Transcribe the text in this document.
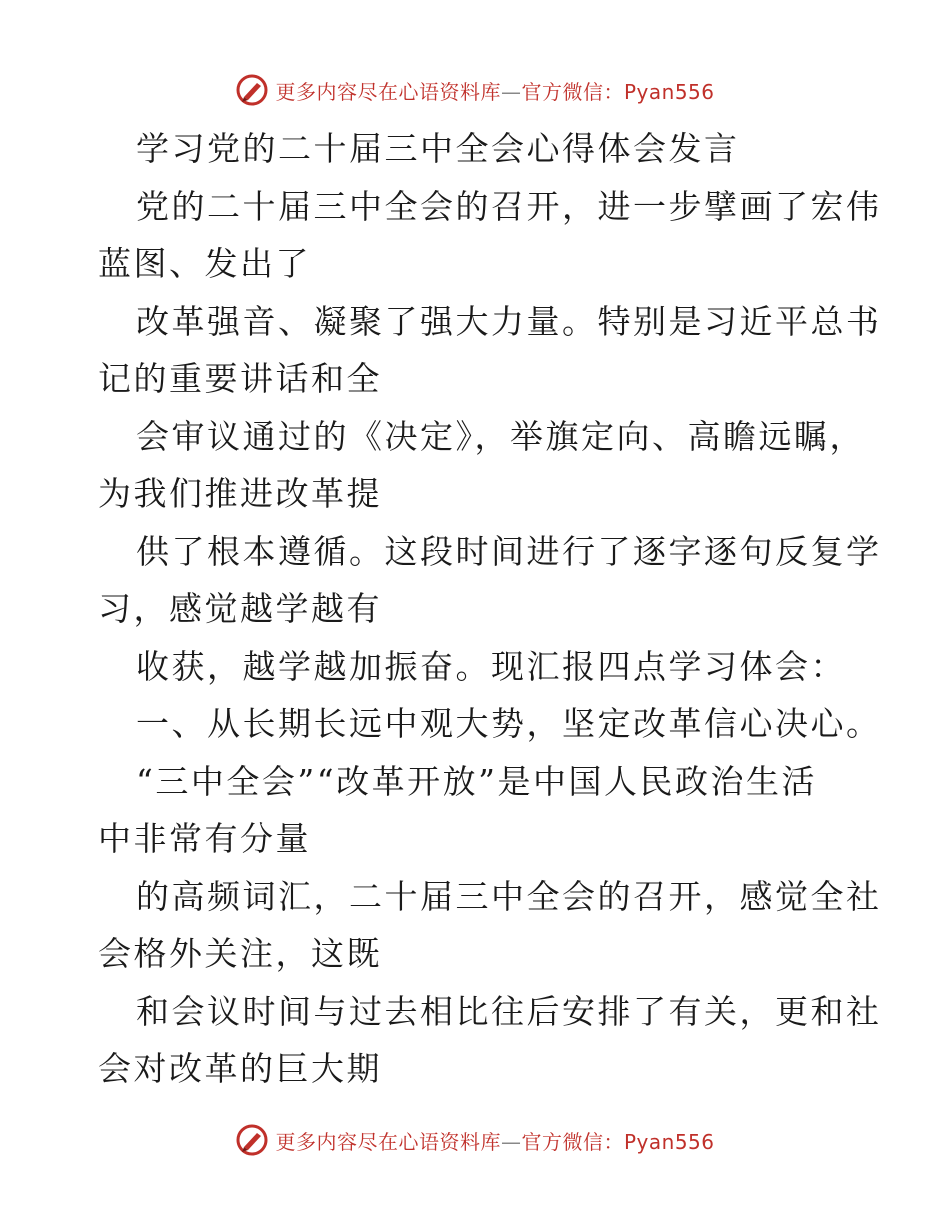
更多内容尽在心语资料库—官方微信：Pyan556
学习党的二十届三中全会心得体会发言
党的二十届三中全会的召开，进一步擘画了宏伟
蓝图、发出了
改革强音、凝聚了强大力量。特别是习近平总书
记的重要讲话和全
会审议通过的《决定》，举旗定向、高瞻远瞩，
为我们推进改革提
供了根本遵循。这段时间进行了逐字逐句反复学
习，感觉越学越有
收获，越学越加振奋。现汇报四点学习体会：
一、从长期长远中观大势，坚定改革信心决心。
“三中全会”“改革开放”是中国人民政治生活
中非常有分量
的高频词汇，二十届三中全会的召开，感觉全社
会格外关注，这既
和会议时间与过去相比往后安排了有关，更和社
会对改革的巨大期
更多内容尽在心语资料库—官方微信：Pyan556
